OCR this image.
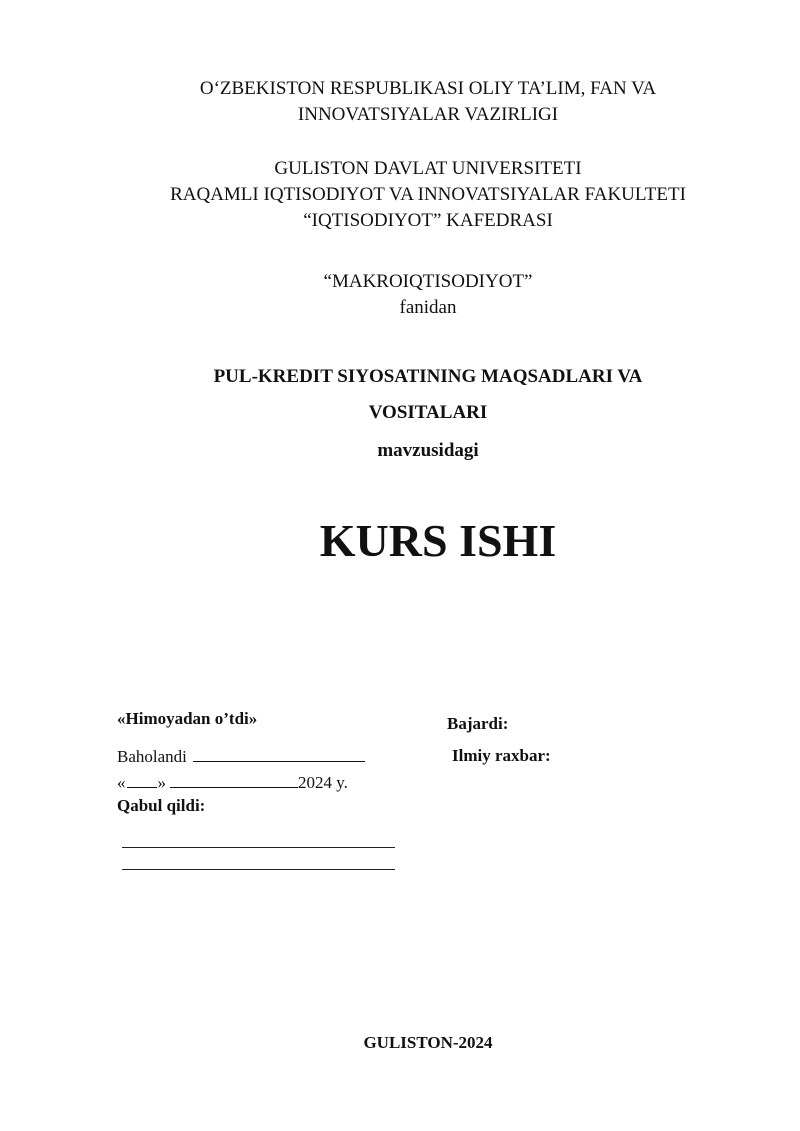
O‘ZBEKISTON RESPUBLIKASI OLIY TA’LIM, FAN VA
INNOVATSIYALAR VAZIRLIGI
GULISTON DAVLAT UNIVERSITETI
RAQAMLI IQTISODIYOT VA INNOVATSIYALAR FAKULTETI
“IQTISODIYOT” KAFEDRASI
“MAKROIQTISODIYOT”
fanidan
PUL-KREDIT SIYOSATINING MAQSADLARI VA
VOSITALARI
mavzusidagi
KURS ISHI
«Himoyadan o’tdi»
Baholandi
« »	2024 y.
Qabul qildi:
Bajardi:
Ilmiy raxbar:
GULISTON-2024
